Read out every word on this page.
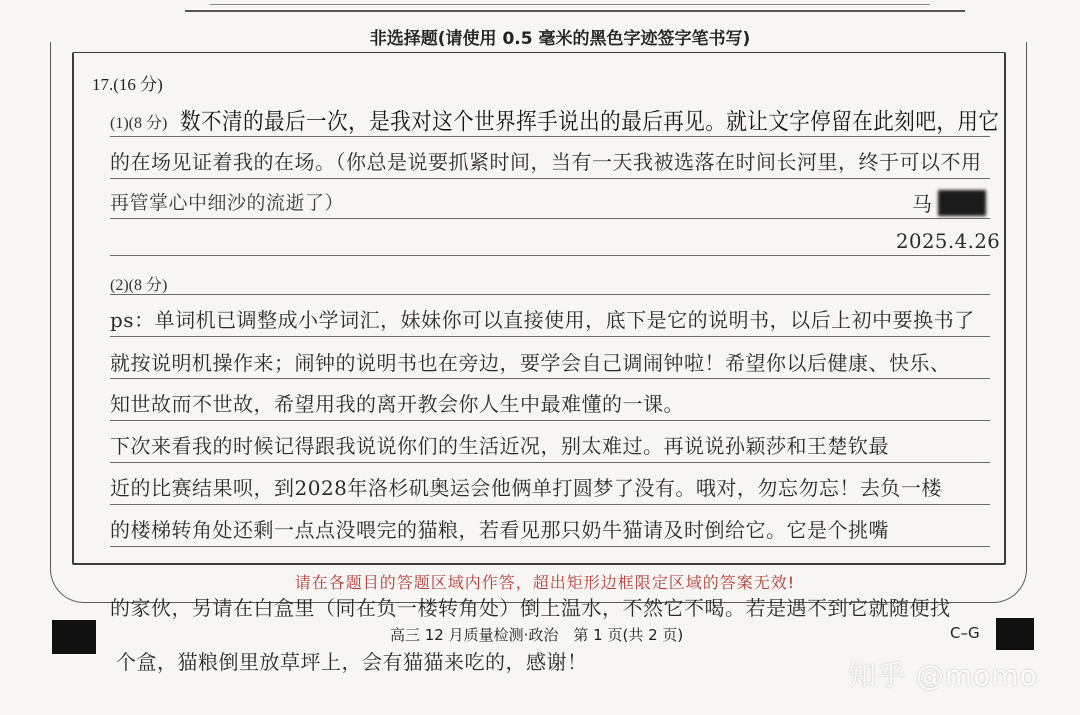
非选择题(请使用 0.5 毫米的黑色字迹签字笔书写)
17.(16 分)
(1)(8 分) 数不清的最后一次，是我对这个世界挥手说出的最后再见。就让文字停留在此刻吧，用它
的在场见证着我的在场。（你总是说要抓紧时间，当有一天我被选落在时间长河里，终于可以不用
再管掌心中细沙的流逝了）	马
2025.4.26
(2)(8 分)
ps：单词机已调整成小学词汇，妹妹你可以直接使用，底下是它的说明书，以后上初中要换书了
就按说明机操作来；闹钟的说明书也在旁边，要学会自己调闹钟啦！希望你以后健康、快乐、
知世故而不世故，希望用我的离开教会你人生中最难懂的一课。
下次来看我的时候记得跟我说说你们的生活近况，别太难过。再说说孙颖莎和王楚钦最
近的比赛结果呗，到2028年洛杉矶奥运会他俩单打圆梦了没有。哦对，勿忘勿忘！去负一楼
的楼梯转角处还剩一点点没喂完的猫粮，若看见那只奶牛猫请及时倒给它。它是个挑嘴
请在各题目的答题区域内作答，超出矩形边框限定区域的答案无效!
的家伙，另请在白盒里（同在负一楼转角处）倒上温水，不然它不喝。若是遇不到它就随便找
个盒，猫粮倒里放草坪上，会有猫猫来吃的，感谢！
高三 12 月质量检测·政治　第 1 页(共 2 页)	C–G
知乎 @momo
